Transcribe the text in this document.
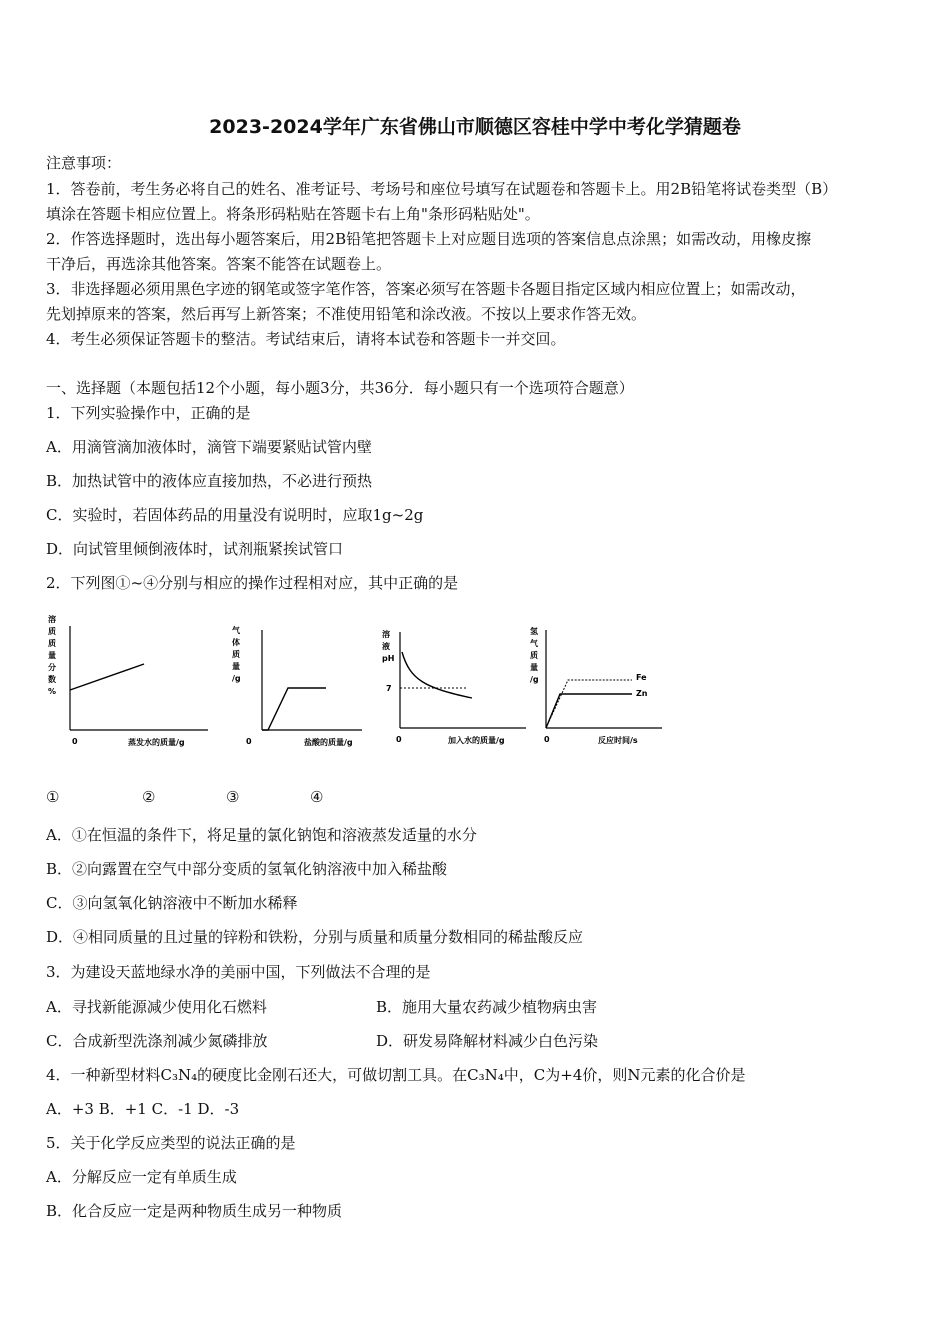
2023-2024学年广东省佛山市顺德区容桂中学中考化学猜题卷
注意事项：
1．答卷前，考生务必将自己的姓名、准考证号、考场号和座位号填写在试题卷和答题卡上。用2B铅笔将试卷类型（B）
填涂在答题卡相应位置上。将条形码粘贴在答题卡右上角"条形码粘贴处"。
2．作答选择题时，选出每小题答案后，用2B铅笔把答题卡上对应题目选项的答案信息点涂黑；如需改动，用橡皮擦
干净后，再选涂其他答案。答案不能答在试题卷上。
3．非选择题必须用黑色字迹的钢笔或签字笔作答，答案必须写在答题卡各题目指定区域内相应位置上；如需改动，
先划掉原来的答案，然后再写上新答案；不准使用铅笔和涂改液。不按以上要求作答无效。
4．考生必须保证答题卡的整洁。考试结束后，请将本试卷和答题卡一并交回。
一、选择题（本题包括12个小题，每小题3分，共36分．每小题只有一个选项符合题意）
1．下列实验操作中，正确的是
A．用滴管滴加液体时，滴管下端要紧贴试管内壁
B．加热试管中的液体应直接加热，不必进行预热
C．实验时，若固体药品的用量没有说明时，应取1g~2g
D．向试管里倾倒液体时，试剂瓶紧挨试管口
2．下列图①~④分别与相应的操作过程相对应，其中正确的是
溶
质
质
量
分
数
%
0	蒸发水的质量/g
气
体
质
量
/g
0	盐酸的质量/g
溶
液
pH
7
0	加入水的质量/g
氢
气
质
量
/g	Fe
Zn
0	反应时间/s
①	②	③	④
A．①在恒温的条件下，将足量的氯化钠饱和溶液蒸发适量的水分
B．②向露置在空气中部分变质的氢氧化钠溶液中加入稀盐酸
C．③向氢氧化钠溶液中不断加水稀释
D．④相同质量的且过量的锌粉和铁粉，分别与质量和质量分数相同的稀盐酸反应
3．为建设天蓝地绿水净的美丽中国，下列做法不合理的是
A．寻找新能源减少使用化石燃料	B．施用大量农药减少植物病虫害
C．合成新型洗涤剂减少氮磷排放	D．研发易降解材料减少白色污染
4．一种新型材料C₃N₄的硬度比金刚石还大，可做切割工具。在C₃N₄中，C为+4价，则N元素的化合价是
A．+3 B．+1 C．-1 D．-3
5．关于化学反应类型的说法正确的是
A．分解反应一定有单质生成
B．化合反应一定是两种物质生成另一种物质
